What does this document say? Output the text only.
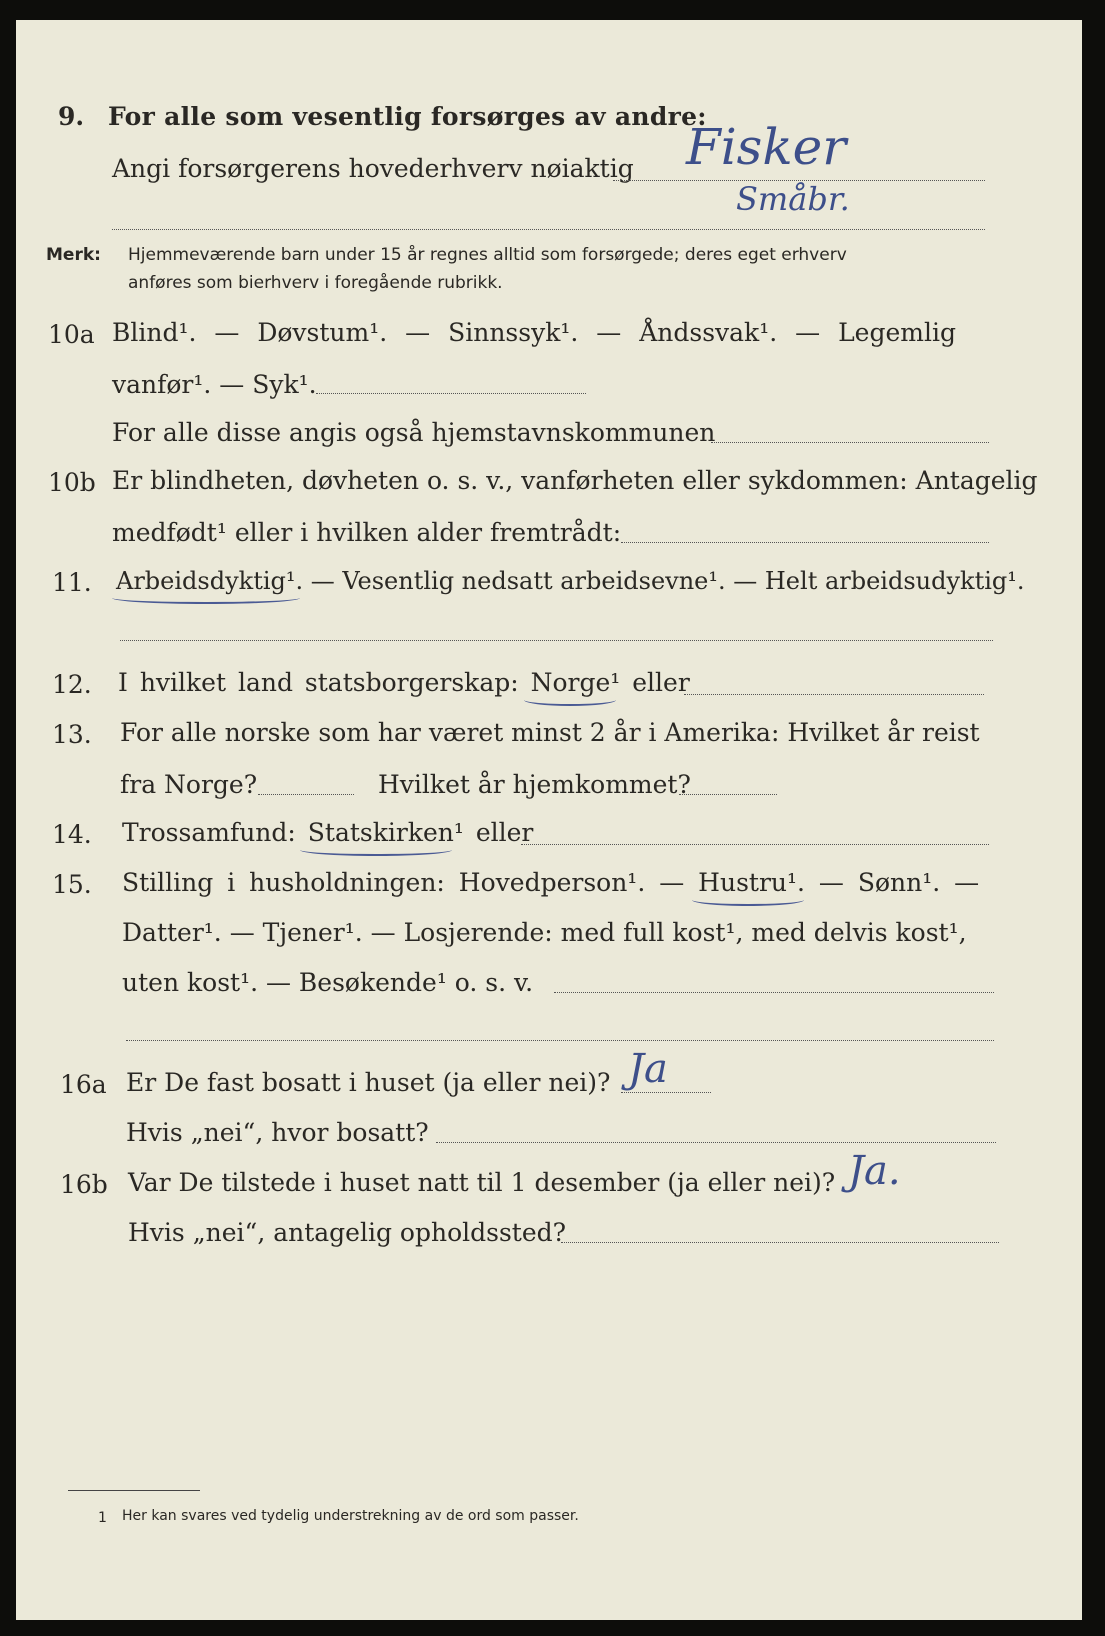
9. For alle som vesentlig forsørges av andre:
Angi forsørgerens hovederhverv nøiaktig Fisker
Småbr.
Merk: Hjemmeværende barn under 15 år regnes alltid som forsørgede; deres eget erhverv
anføres som bierhverv i foregående rubrikk.
10a Blind¹. — Døvstum¹. — Sinnssyk¹. — Åndssvak¹. — Legemlig
vanfør¹. — Syk¹.
For alle disse angis også hjemstavnskommunen
10b Er blindheten, døvheten o. s. v., vanførheten eller sykdommen: Antagelig
medfødt¹ eller i hvilken alder fremtrådt:
11. Arbeidsdyktig¹. — Vesentlig nedsatt arbeidsevne¹. — Helt arbeidsudyktig¹.
12. I hvilket land statsborgerskap: Norge¹ eller
13. For alle norske som har været minst 2 år i Amerika: Hvilket år reist
fra Norge?	Hvilket år hjemkommet?
14. Trossamfund: Statskirken¹ eller
15. Stilling i husholdningen: Hovedperson¹. — Hustru¹. — Sønn¹. —
Datter¹. — Tjener¹. — Losjerende: med full kost¹, med delvis kost¹,
uten kost¹. — Besøkende¹ o. s. v.
16a Er De fast bosatt i huset (ja eller nei)? Ja
Hvis „nei“, hvor bosatt?
16b Var De tilstede i huset natt til 1 desember (ja eller nei)? Ja.
Hvis „nei“, antagelig opholdssted?
1 Her kan svares ved tydelig understrekning av de ord som passer.
